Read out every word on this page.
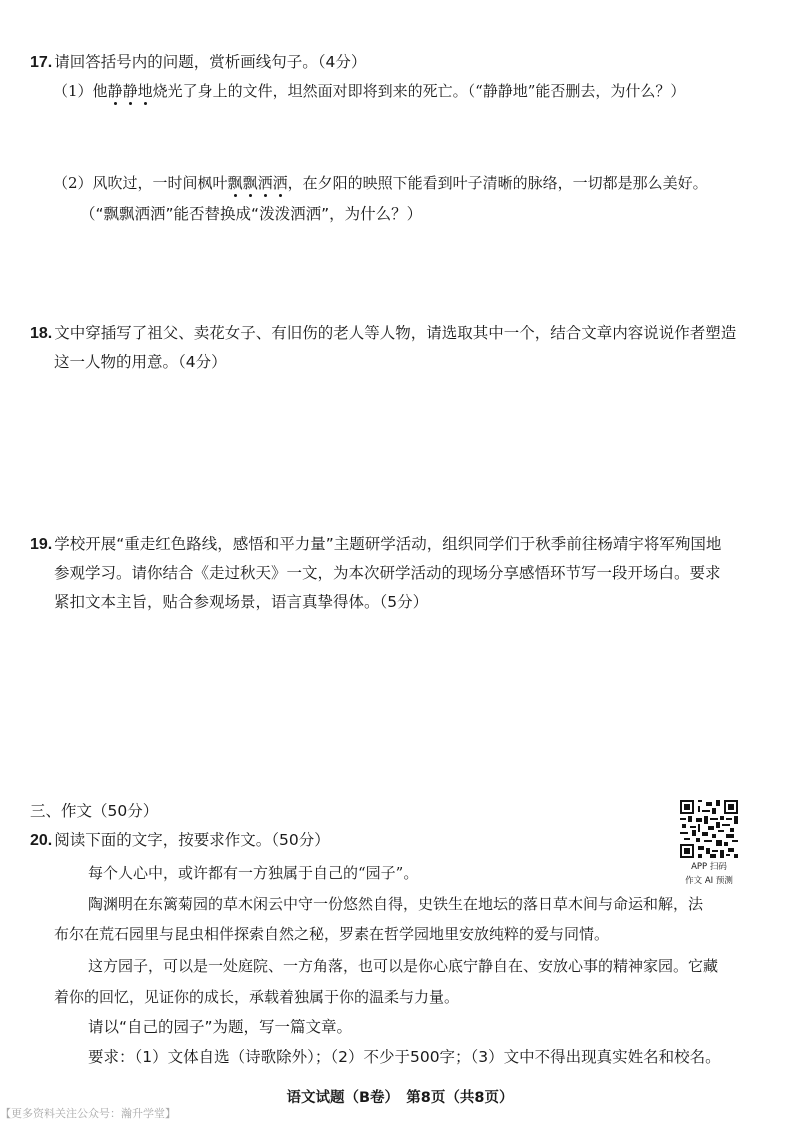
17. 请回答括号内的问题，赏析画线句子。（4分）
（1）他静静地烧光了身上的文件，坦然面对即将到来的死亡。（“静静地”能否删去，为什么？）
（2）风吹过，一时间枫叶飘飘洒洒，在夕阳的映照下能看到叶子清晰的脉络，一切都是那么美好。
（“飘飘洒洒”能否替换成“泼泼洒洒”，为什么？）
18. 文中穿插写了祖父、卖花女子、有旧伤的老人等人物，请选取其中一个，结合文章内容说说作者塑造
这一人物的用意。（4分）
19. 学校开展“重走红色路线，感悟和平力量”主题研学活动，组织同学们于秋季前往杨靖宇将军殉国地
参观学习。请你结合《走过秋天》一文，为本次研学活动的现场分享感悟环节写一段开场白。要求
紧扣文本主旨，贴合参观场景，语言真挚得体。（5分）
三、作文（50分）
20. 阅读下面的文字，按要求作文。（50分）
每个人心中，或许都有一方独属于自己的“园子”。
陶渊明在东篱菊园的草木闲云中守一份悠然自得，史铁生在地坛的落日草木间与命运和解，法
布尔在荒石园里与昆虫相伴探索自然之秘，罗素在哲学园地里安放纯粹的爱与同情。
这方园子，可以是一处庭院、一方角落，也可以是你心底宁静自在、安放心事的精神家园。它藏
着你的回忆，见证你的成长，承载着独属于你的温柔与力量。
请以“自己的园子”为题，写一篇文章。
要求：（1）文体自选（诗歌除外）；（2）不少于500字；（3）文中不得出现真实姓名和校名。
APP 扫码
作文 AI 预测
语文试题（B卷）　第8页（共8页）
【更多资料关注公众号：瀚升学堂】
